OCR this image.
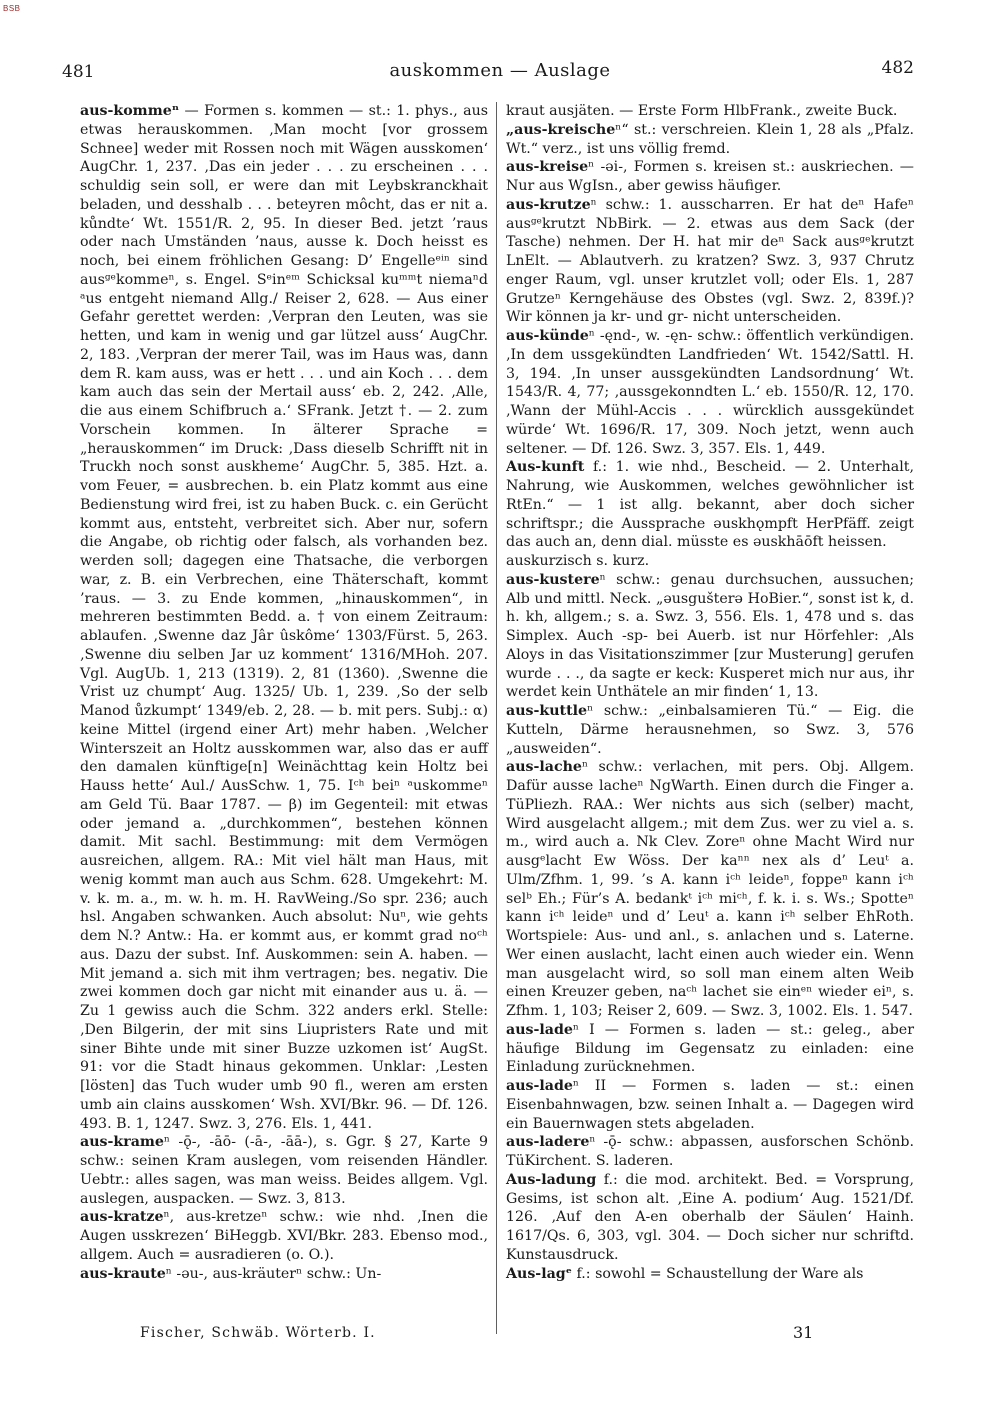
BSB
481	auskommen — Auslage	482

aus-kommeⁿ — Formen s. kommen — st.: 1. phys., aus etwas herauskommen. ‚Man mocht [vor grossem Schnee] weder mit Rossen noch mit Wägen ausskomen‘ AugChr. 1, 237. ‚Das ein jeder . . . zu erscheinen . . . schuldig sein soll, er were dan mit Leybskranckhait beladen, und desshalb . . . beteyren môcht, das er nit a. kůndte‘ Wt. 1551/R. 2, 95. In dieser Bed. jetzt ’raus oder nach Umständen ’naus, ausse k. Doch heisst es noch, bei einem fröhlichen Gesang: D’ Engelleᵉⁱⁿ sind ausᵍᵉkommeⁿ, s. Engel. Sᵉinᵉᵐ Schicksal kuᵐᵐt niemaⁿd ᵃus entgeht niemand Allg./ Reiser 2, 628. — Aus einer Gefahr gerettet werden: ‚Verpran den Leuten, was sie hetten, und kam in wenig und gar lützel auss‘ AugChr. 2, 183. ‚Verpran der merer Tail, was im Haus was, dann dem R. kam auss, was er hett . . . und ain Koch . . . dem kam auch das sein der Mertail auss‘ eb. 2, 242. ‚Alle, die aus einem Schifbruch a.‘ SFrank. Jetzt †. — 2. zum Vorschein kommen. In älterer Sprache = „herauskommen“ im Druck: ‚Dass dieselb Schrifft nit in Truckh noch sonst auskheme‘ AugChr. 5, 385. Hzt. a. vom Feuer, = ausbrechen. b. ein Platz kommt aus eine Bedienstung wird frei, ist zu haben Buck. c. ein Gerücht kommt aus, entsteht, verbreitet sich. Aber nur, sofern die Angabe, ob richtig oder falsch, als vorhanden bez. werden soll; dagegen eine Thatsache, die verborgen war, z. B. ein Verbrechen, eine Thäterschaft, kommt ’raus. — 3. zu Ende kommen, „hinauskommen“, in mehreren bestimmten Bedd. a. † von einem Zeitraum: ablaufen. ‚Swenne daz Jâr ûskôme‘ 1303/Fürst. 5, 263. ‚Swenne diu selben Jar uz komment‘ 1316/MHoh. 207. Vgl. AugUb. 1, 213 (1319). 2, 81 (1360). ‚Swenne die Vrist uz chumpt‘ Aug. 1325/ Ub. 1, 239. ‚So der selb Manod ůzkumpt‘ 1349/eb. 2, 28. — b. mit pers. Subj.: α) keine Mittel (irgend einer Art) mehr haben. ‚Welcher Winterszeit an Holtz ausskommen war, also das er auff den damalen künftige[n] Weinächttag kein Holtz bei Hauss hette‘ Aul./ AusSchw. 1, 75. Iᶜʰ beiⁿ ᵃuskommeⁿ am Geld Tü. Baar 1787. — β) im Gegenteil: mit etwas oder jemand a. „durchkommen“, bestehen können damit. Mit sachl. Bestimmung: mit dem Vermögen ausreichen, allgem. RA.: Mit viel hält man Haus, mit wenig kommt man auch aus Schm. 628. Umgekehrt: M. v. k. m. a., m. w. h. m. H. RavWeing./So spr. 236; auch hsl. Angaben schwanken. Auch absolut: Nuⁿ, wie gehts dem N.? Antw.: Ha. er kommt aus, er kommt grad noᶜʰ aus. Dazu der subst. Inf. Auskommen: sein A. haben. — Mit jemand a. sich mit ihm vertragen; bes. negativ. Die zwei kommen doch gar nicht mit einander aus u. ä. — Zu 1 gewiss auch die Schm. 322 anders erkl. Stelle: ‚Den Bilgerin, der mit sins Liupristers Rate und mit siner Bihte unde mit siner Buzze uzkomen ist‘ AugSt. 91: vor die Stadt hinaus gekommen. Unklar: ‚Lesten [lösten] das Tuch wuder umb 90 fl., weren am ersten umb ain clains ausskomen‘ Wsh. XVI/Bkr. 96. — Df. 126. 493. B. 1, 1247. Swz. 3, 276. Els. 1, 441.

aus-krameⁿ -ǭ-, -āō- (-ā-, -āā-), s. Ggr. § 27, Karte 9 schw.: seinen Kram auslegen, vom reisenden Händler. Uebtr.: alles sagen, was man weiss. Beides allgem. Vgl. auslegen, auspacken. — Swz. 3, 813.

aus-kratzeⁿ, aus-kretzeⁿ schw.: wie nhd. ‚Inen die Augen usskrezen‘ BiHeggb. XVI/Bkr. 283. Ebenso mod., allgem. Auch = ausradieren (o. O.).

aus-krauteⁿ -əu-, aus-kräuterⁿ schw.: Un-

kraut ausjäten. — Erste Form HlbFrank., zweite Buck.

„aus-kreischeⁿ“ st.: verschreien. Klein 1, 28 als „Pfalz. Wt.“ verz., ist uns völlig fremd.

aus-kreiseⁿ -əi-, Formen s. kreisen st.: auskriechen. — Nur aus WgIsn., aber gewiss häufiger.

aus-krutzeⁿ schw.: 1. ausscharren. Er hat deⁿ Hafeⁿ ausᵍᵉkrutzt NbBirk. — 2. etwas aus dem Sack (der Tasche) nehmen. Der H. hat mir deⁿ Sack ausᵍᵉkrutzt LnElt. — Ablautverh. zu kratzen? Swz. 3, 937 Chrutz enger Raum, vgl. unser krutzlet voll; oder Els. 1, 287 Grutzeⁿ Kerngehäuse des Obstes (vgl. Swz. 2, 839f.)? Wir können ja kr- und gr- nicht unterscheiden.

aus-kündeⁿ -ęnd-, w. -ęn- schw.: öffentlich verkündigen. ‚In dem ussgekündten Landfrieden‘ Wt. 1542/Sattl. H. 3, 194. ‚In unser aussgekündten Landsordnung‘ Wt. 1543/R. 4, 77; ‚aussgekonndten L.‘ eb. 1550/R. 12, 170. ‚Wann der Mühl-Accis . . . würcklich aussgekündet würde‘ Wt. 1696/R. 17, 309. Noch jetzt, wenn auch seltener. — Df. 126. Swz. 3, 357. Els. 1, 449.

Aus-kunft f.: 1. wie nhd., Bescheid. — 2. Unterhalt, Nahrung, wie Auskommen, welches gewöhnlicher ist RtEn.“ — 1 ist allg. bekannt, aber doch sicher schriftspr.; die Aussprache əuskhǫmpft HerPfäff. zeigt das auch an, denn dial. müsste es əuskhāōft heissen.

auskurzisch s. kurz.

aus-kustereⁿ schw.: genau durchsuchen, aussuchen; Alb und mittl. Neck. „əusgušterə HoBier.“, sonst ist k, d. h. kh, allgem.; s. a. Swz. 3, 556. Els. 1, 478 und s. das Simplex. Auch -sp- bei Auerb. ist nur Hörfehler: ‚Als Aloys in das Visitationszimmer [zur Musterung] gerufen wurde . . ., da sagte er keck: Kusperet mich nur aus, ihr werdet kein Unthätele an mir finden‘ 1, 13.

aus-kuttleⁿ schw.: „einbalsamieren Tü.“ — Eig. die Kutteln, Därme herausnehmen, so Swz. 3, 576 „ausweiden“.

aus-lacheⁿ schw.: verlachen, mit pers. Obj. Allgem. Dafür ausse lacheⁿ NgWarth. Einen durch die Finger a. TüPliezh. RAA.: Wer nichts aus sich (selber) macht, Wird ausgelacht allgem.; mit dem Zus. wer zu viel a. s. m., wird auch a. Nk Clev. Zoreⁿ ohne Macht Wird nur ausgᵉlacht Ew Wöss. Der kaⁿⁿ nex als d’ Leuᵗ a. Ulm/Zfhm. 1, 99. ’s A. kann iᶜʰ leideⁿ, foppeⁿ kann iᶜʰ selᵇ Eh.; Für’s A. bedankᵗ iᶜʰ miᶜʰ, f. k. i. s. Ws.; Spotteⁿ kann iᶜʰ leideⁿ und d’ Leuᵗ a. kann iᶜʰ selber EhRoth. Wortspiele: Aus- und anl., s. anlachen und s. Laterne. Wer einen auslacht, lacht einen auch wieder ein. Wenn man ausgelacht wird, so soll man einem alten Weib einen Kreuzer geben, naᶜʰ lachet sie einᵉⁿ wieder eiⁿ, s. Zfhm. 1, 103; Reiser 2, 609. — Swz. 3, 1002. Els. 1. 547.

aus-ladeⁿ I — Formen s. laden — st.: geleg., aber häufige Bildung im Gegensatz zu einladen: eine Einladung zurücknehmen.

aus-ladeⁿ II — Formen s. laden — st.: einen Eisenbahnwagen, bzw. seinen Inhalt a. — Dagegen wird ein Bauernwagen stets abgeladen.

aus-ladereⁿ -ǭ- schw.: abpassen, ausforschen Schönb. TüKirchent. S. laderen.

Aus-ladung f.: die mod. architekt. Bed. = Vorsprung, Gesims, ist schon alt. ‚Eine A. podium‘ Aug. 1521/Df. 126. ‚Auf den A-en oberhalb der Säulen‘ Hainh. 1617/Qs. 6, 303, vgl. 304. — Doch sicher nur schriftd. Kunstausdruck.

Aus-lagᵉ f.: sowohl = Schaustellung der Ware als

Fischer, Schwäb. Wörterb. I.	31
